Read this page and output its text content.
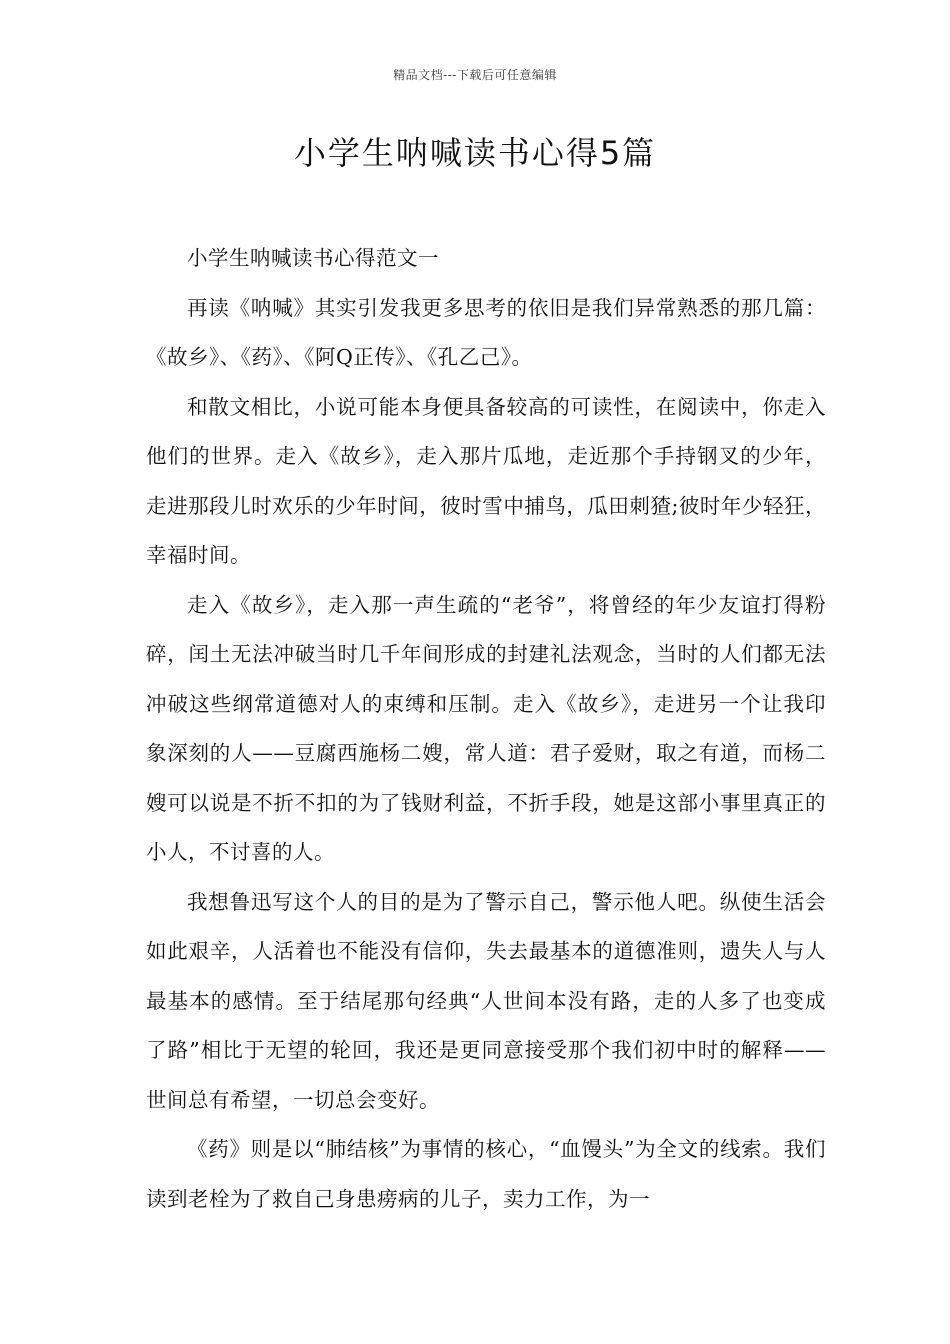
精品文档---下载后可任意编辑
小学生呐喊读书心得5篇

小学生呐喊读书心得范文一

再读《呐喊》其实引发我更多思考的依旧是我们异常熟悉的那几篇：《故乡》、《药》、《阿Q正传》、《孔乙己》。

和散文相比，小说可能本身便具备较高的可读性，在阅读中，你走入他们的世界。走入《故乡》，走入那片瓜地，走近那个手持钢叉的少年，走进那段儿时欢乐的少年时间，彼时雪中捕鸟，瓜田刺猹;彼时年少轻狂，幸福时间。

走入《故乡》，走入那一声生疏的“老爷”，将曾经的年少友谊打得粉碎，闰土无法冲破当时几千年间形成的封建礼法观念，当时的人们都无法冲破这些纲常道德对人的束缚和压制。走入《故乡》，走进另一个让我印象深刻的人——豆腐西施杨二嫂，常人道：君子爱财，取之有道，而杨二嫂可以说是不折不扣的为了钱财利益，不折手段，她是这部小事里真正的小人，不讨喜的人。

我想鲁迅写这个人的目的是为了警示自己，警示他人吧。纵使生活会如此艰辛，人活着也不能没有信仰，失去最基本的道德准则，遗失人与人最基本的感情。至于结尾那句经典“人世间本没有路，走的人多了也变成了路”相比于无望的轮回，我还是更同意接受那个我们初中时的解释——世间总有希望，一切总会变好。

《药》则是以“肺结核”为事情的核心，“血馒头”为全文的线索。我们读到老栓为了救自己身患痨病的儿子，卖力工作，为一
